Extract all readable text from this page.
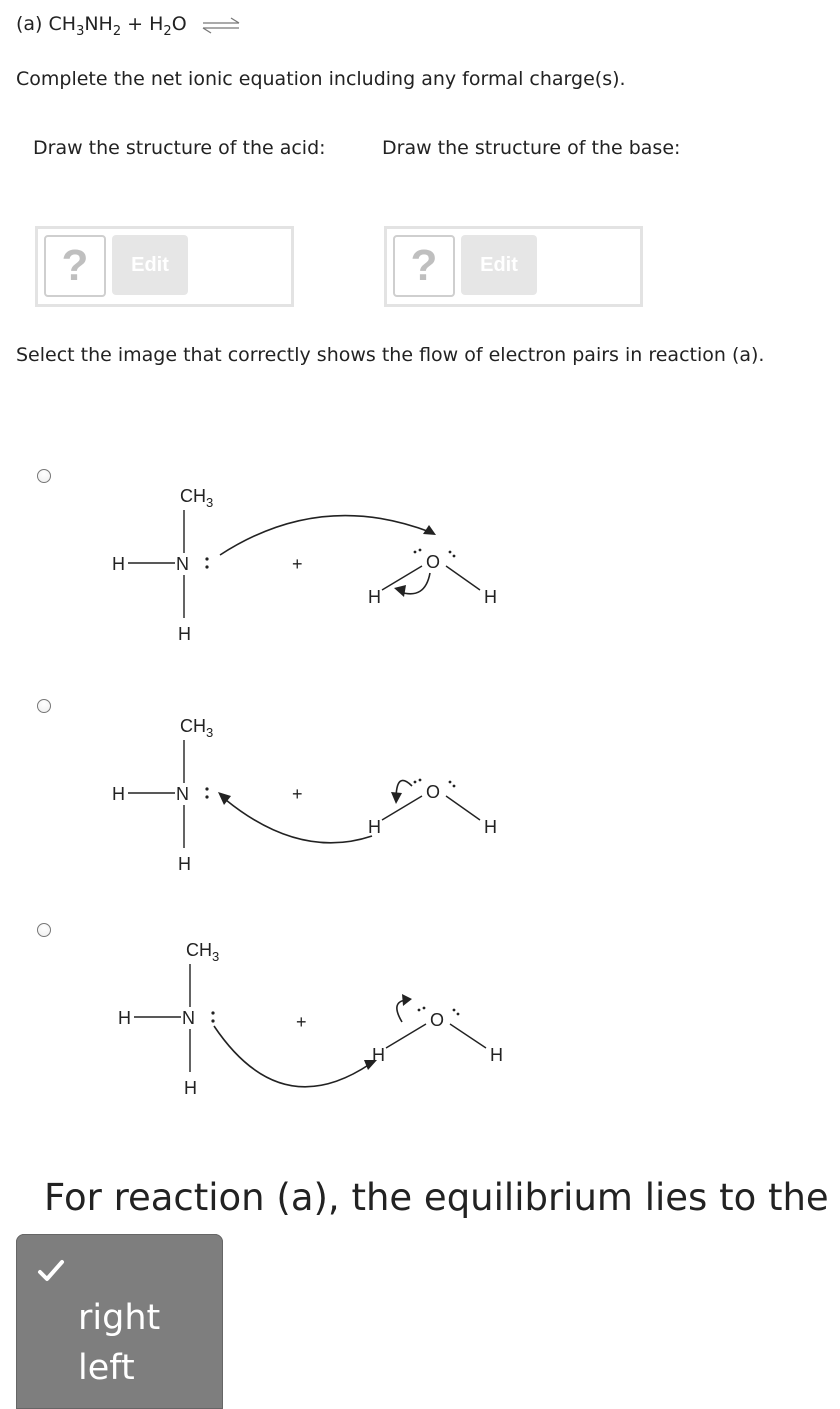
(a) $CH_3NH_2 + H_2O$ ⇌
Complete the net ionic equation including any formal charge(s).
Draw the structure of the acid:	Draw the structure of the base:
?	Edit	?	Edit
Select the image that correctly shows the flow of electron pairs in reaction (a).
$CH_3$
H	N
H
+
H
O
H
$CH_3$
H	N
H
+
H
O
H
$CH_3$
H	N
H
+
H
O
H
For reaction (a), the equilibrium lies to the
right
left
